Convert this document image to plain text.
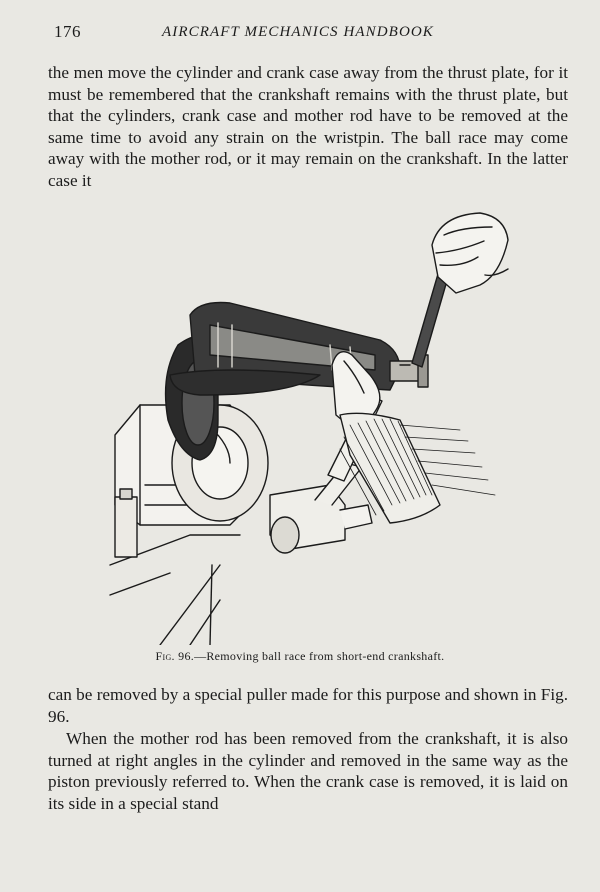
176	AIRCRAFT MECHANICS HANDBOOK

the men move the cylinder and crank case away from the thrust plate, for it must be remembered that the crankshaft remains with the thrust plate, but that the cylinders, crank case and mother rod have to be removed at the same time to avoid any strain on the wristpin. The ball race may come away with the mother rod, or it may remain on the crankshaft. In the latter case it

Fig. 96.—Removing ball race from short-end crankshaft.

can be removed by a special puller made for this purpose and shown in Fig. 96.

When the mother rod has been removed from the crankshaft, it is also turned at right angles in the cylinder and removed in the same way as the piston previously referred to. When the crank case is removed, it is laid on its side in a special stand
